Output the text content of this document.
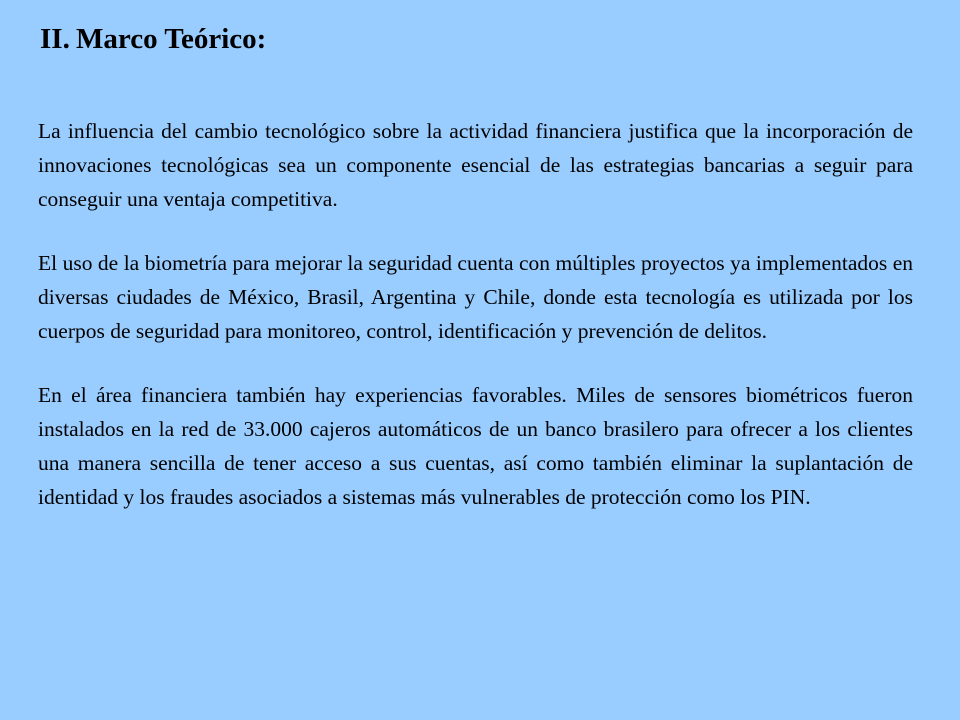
II. Marco Teórico:

La influencia del cambio tecnológico sobre la actividad financiera justifica que la incorporación de innovaciones tecnológicas sea un componente esencial de las estrategias bancarias a seguir para conseguir una ventaja competitiva.

El uso de la biometría para mejorar la seguridad cuenta con múltiples proyectos ya implementados en diversas ciudades de México, Brasil, Argentina y Chile, donde esta tecnología es utilizada por los cuerpos de seguridad para monitoreo, control, identificación y prevención de delitos.

En el área financiera también hay experiencias favorables. Miles de sensores biométricos fueron instalados en la red de 33.000 cajeros automáticos de un banco brasilero para ofrecer a los clientes una manera sencilla de tener acceso a sus cuentas, así como también eliminar la suplantación de identidad y los fraudes asociados a sistemas más vulnerables de protección como los PIN.
